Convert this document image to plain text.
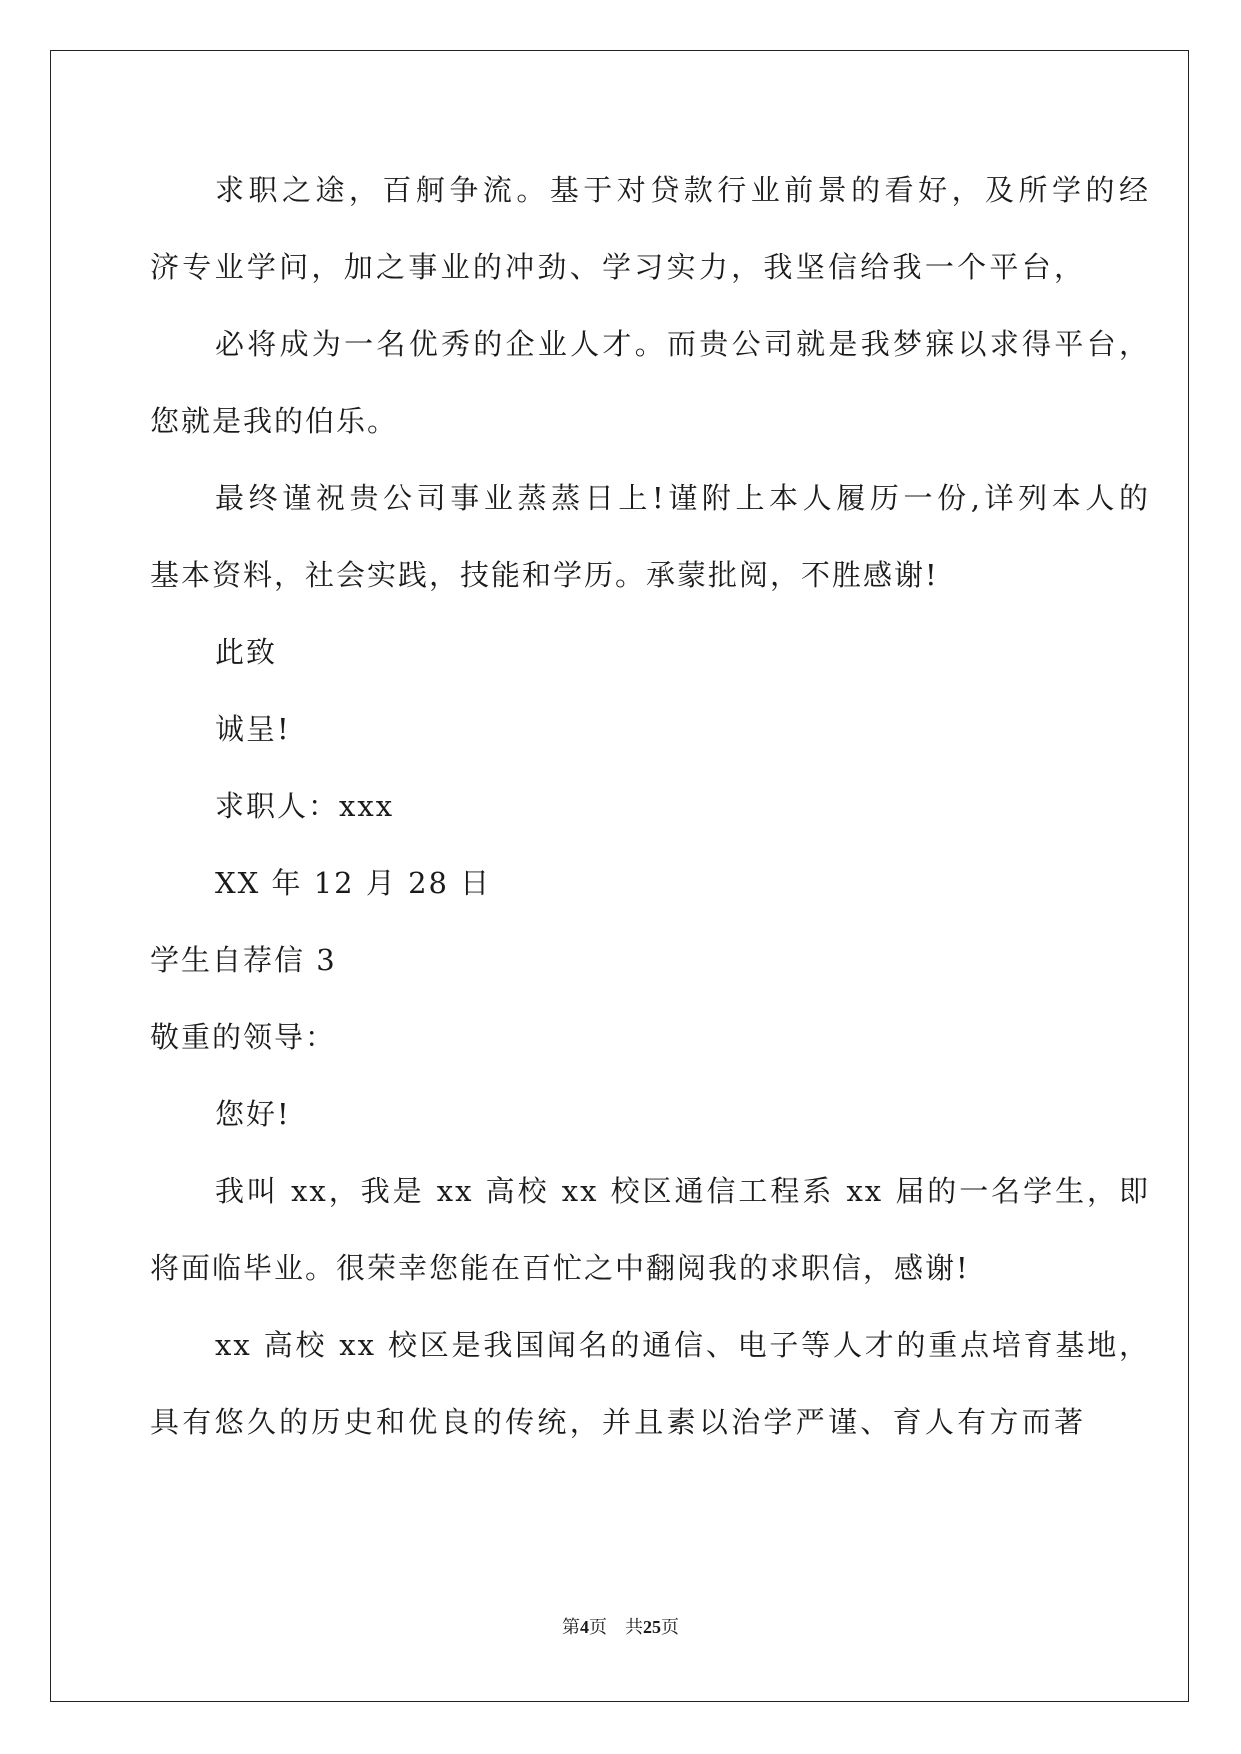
求职之途，百舸争流。基于对贷款行业前景的看好，及所学的经
济专业学问，加之事业的冲劲、学习实力，我坚信给我一个平台，
必将成为一名优秀的企业人才。而贵公司就是我梦寐以求得平台，
您就是我的伯乐。
最终谨祝贵公司事业蒸蒸日上!谨附上本人履历一份,详列本人的
基本资料，社会实践，技能和学历。承蒙批阅，不胜感谢!
此致
诚呈!
求职人：xxx
XX 年 12 月 28 日
学生自荐信 3
敬重的领导：
您好!
我叫 xx，我是 xx 高校 xx 校区通信工程系 xx 届的一名学生，即
将面临毕业。很荣幸您能在百忙之中翻阅我的求职信，感谢!
xx 高校 xx 校区是我国闻名的通信、电子等人才的重点培育基地，
具有悠久的历史和优良的传统，并且素以治学严谨、育人有方而著
第4页 共25页
